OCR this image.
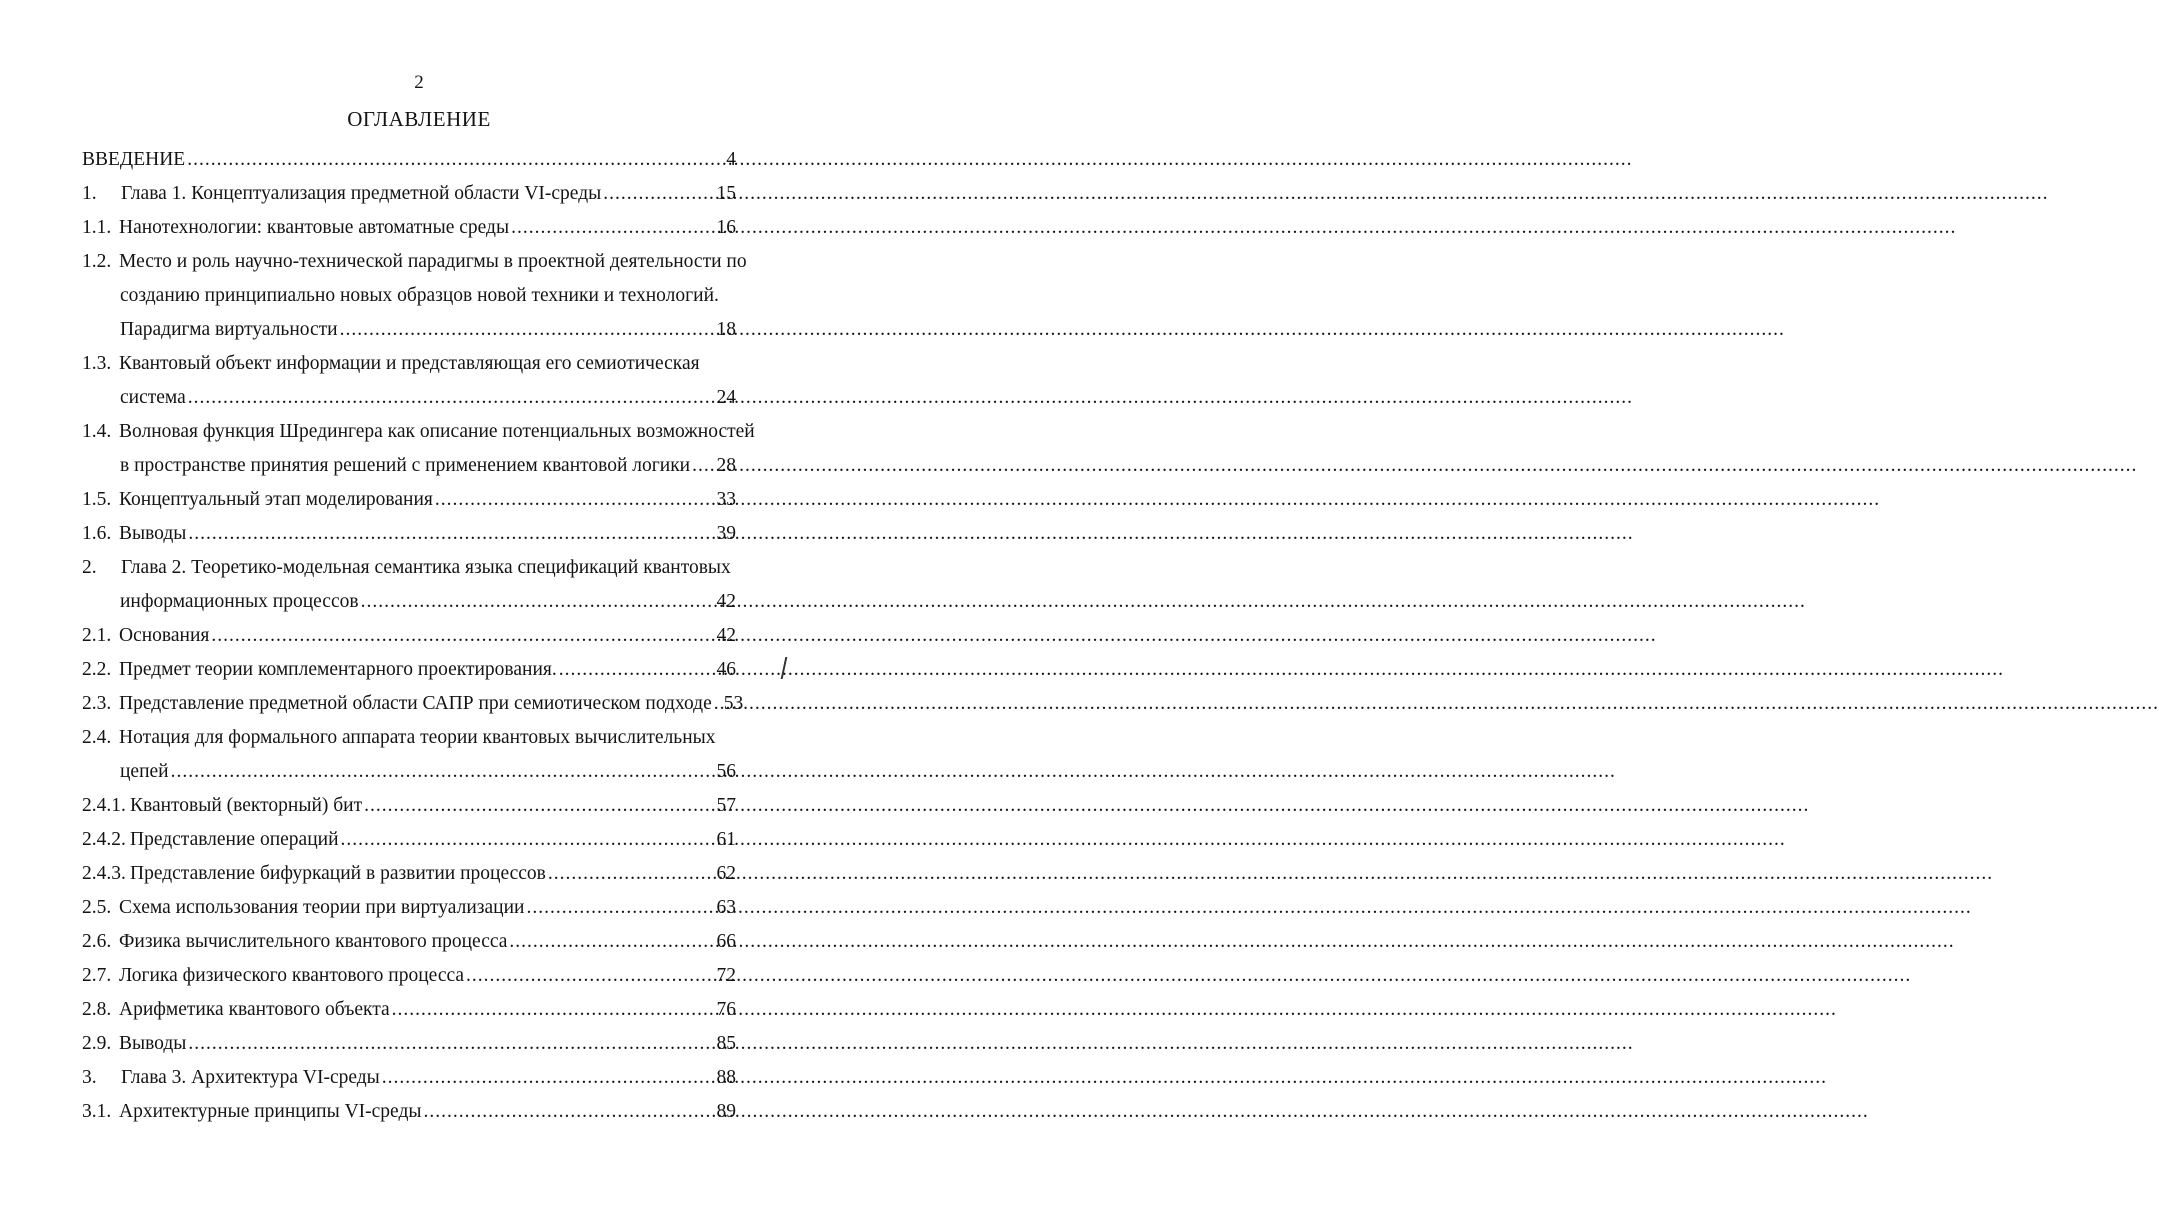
2
ОГЛАВЛЕНИЕ
ВВЕДЕНИЕ .....	4
1.	Глава 1. Концептуализация предметной области VI-среды .....	15
1.1. Нанотехнологии: квантовые автоматные среды .....	16
1.2. Место и роль научно-технической парадигмы в проектной деятельности по
созданию принципиально новых образцов новой техники и технологий.
Парадигма виртуальности .....	18
1.3. Квантовый объект информации и представляющая его семиотическая
система .....	24
1.4. Волновая функция Шредингера как описание потенциальных возможностей
в пространстве принятия решений с применением квантовой логики ..... 28
1.5. Концептуальный этап моделирования .....	33
1.6. Выводы .....	39
2.	Глава 2. Теоретико-модельная семантика языка спецификаций квантовых
информационных процессов .....	42
2.1. Основания .....	42
2.2. Предмет теории комплементарного проектирования. .....	46
2.3. Представление предметной области САПР при семиотическом подходе ..... 53
2.4. Нотация для формального аппарата теории квантовых вычислительных
цепей .....	56
2.4.1. Квантовый (векторный) бит .....	57
2.4.2. Представление операций .....	61
2.4.3. Представление бифуркаций в развитии процессов .....	62
2.5. Схема использования теории при виртуализации .....	63
2.6. Физика вычислительного квантового процесса .....	66
2.7. Логика физического квантового процесса .....	72
2.8. Арифметика квантового объекта .....	76
2.9. Выводы .....	85
3.	Глава 3. Архитектура VI-среды .....	88
3.1. Архитектурные принципы VI-среды .....	89
